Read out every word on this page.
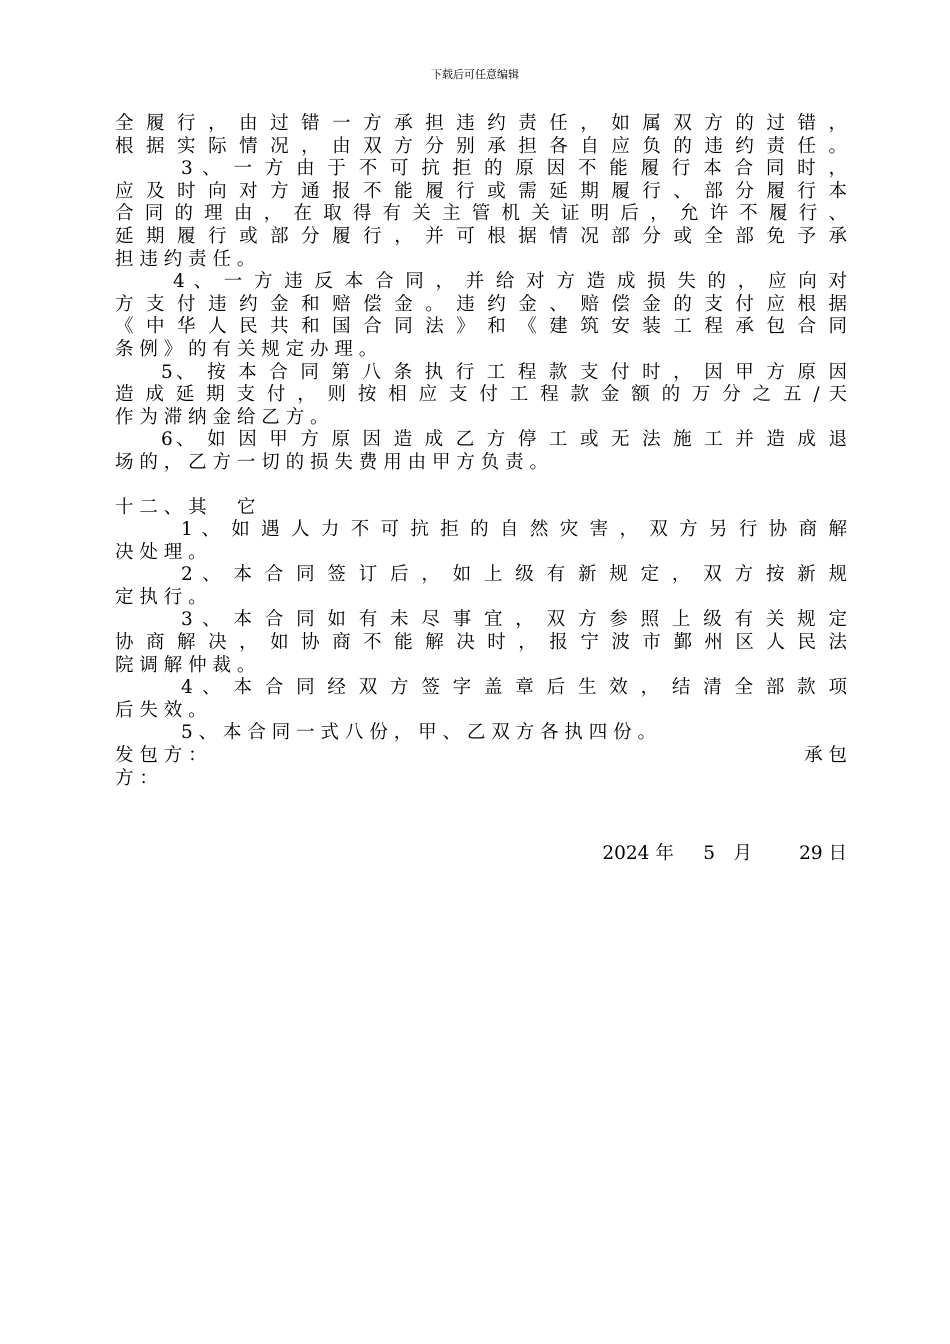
下载后可任意编辑
全 履 行 ， 由 过 错 一 方 承 担 违 约 责 任 ， 如 属 双 方 的 过 错 ，
根 据 实 际 情 况 ， 由 双 方 分 别 承 担 各 自 应 负 的 违 约 责 任 。
3 、 一 方 由 于 不 可 抗 拒 的 原 因 不 能 履 行 本 合 同 时 ，
应 及 时 向 对 方 通 报 不 能 履 行 或 需 延 期 履 行 、 部 分 履 行 本
合 同 的 理 由 ， 在 取 得 有 关 主 管 机 关 证 明 后 ， 允 许 不 履 行 、
延 期 履 行 或 部 分 履 行 ， 并 可 根 据 情 况 部 分 或 全 部 免 予 承
担 违 约 责 任 。
4 、 一 方 违 反 本 合 同 ， 并 给 对 方 造 成 损 失 的 ， 应 向 对
方 支 付 违 约 金 和 赔 偿 金 。 违 约 金 、 赔 偿 金 的 支 付 应 根 据
《 中 华 人 民 共 和 国 合 同 法 》 和 《 建 筑 安 装 工 程 承 包 合 同
条 例 》 的 有 关 规 定 办 理 。
5、 按 本 合 同 第 八 条 执 行 工 程 款 支 付 时 ， 因 甲 方 原 因
造 成 延 期 支 付 ， 则 按 相 应 支 付 工 程 款 金 额 的 万 分 之 五 / 天
作 为 滞 纳 金 给 乙 方 。
6、 如 因 甲 方 原 因 造 成 乙 方 停 工 或 无 法 施 工 并 造 成 退
场 的 ， 乙 方 一 切 的 损 失 费 用 由 甲 方 负 责 。
十 二 、 其 　 它
1 、 如 遇 人 力 不 可 抗 拒 的 自 然 灾 害 ， 双 方 另 行 协 商 解
决 处 理 。
2 、 本 合 同 签 订 后 ， 如 上 级 有 新 规 定 ， 双 方 按 新 规
定 执 行 。
3 、 本 合 同 如 有 未 尽 事 宜 ， 双 方 参 照 上 级 有 关 规 定
协 商 解 决 ， 如 协 商 不 能 解 决 时 ， 报 宁 波 市 鄞 州 区 人 民 法
院 调 解 仲 裁 。
4 、 本 合 同 经 双 方 签 字 盖 章 后 生 效 ， 结 清 全 部 款 项
后 失 效 。
5 、 本 合 同 一 式 八 份 ， 甲 、 乙 双 方 各 执 四 份 。
发 包 方 ：	承 包
方 ：
2024 年 5　月	29 日
